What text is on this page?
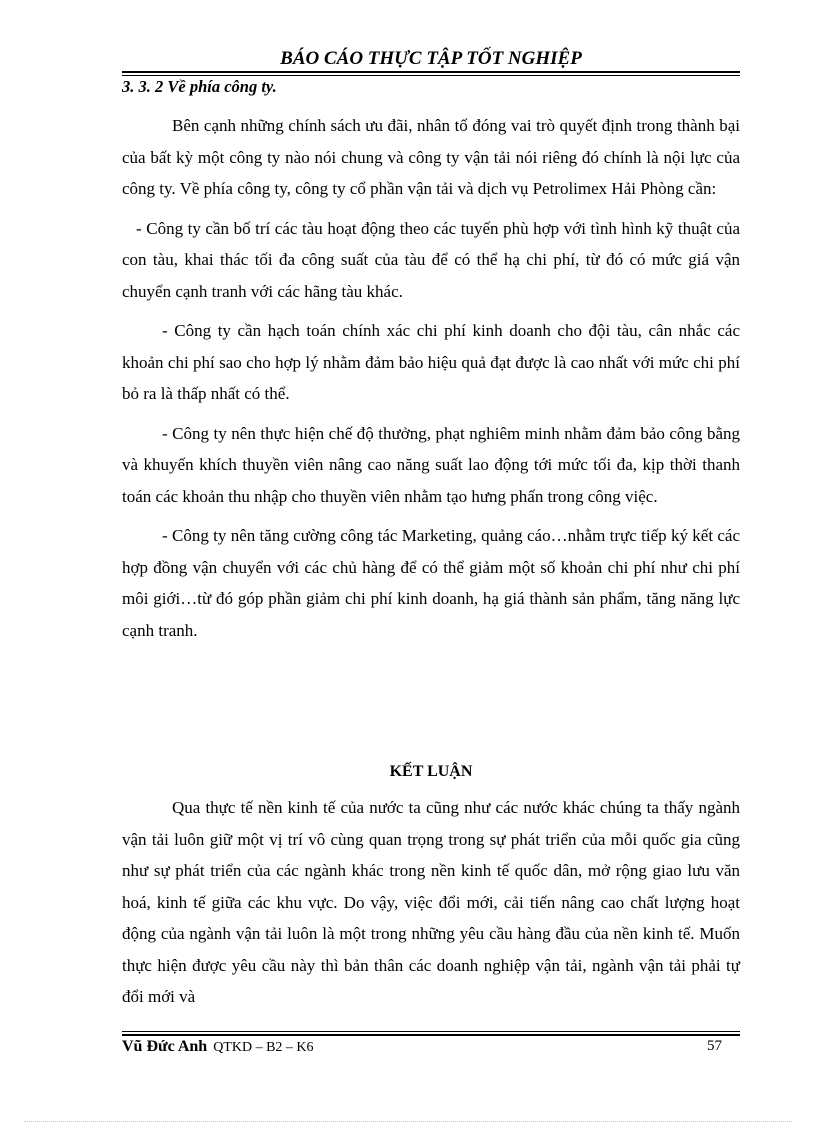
BÁO CÁO THỰC TẬP TỐT NGHIỆP
3. 3. 2 Về phía công ty.

Bên cạnh những chính sách ưu đãi, nhân tố đóng vai trò quyết định trong thành bại của bất kỳ một công ty nào nói chung và công ty vận tải nói riêng đó chính là nội lực của công ty. Về phía công ty, công ty cổ phần vận tải và dịch vụ Petrolimex Hải Phòng cần:

- Công ty cần bố trí các tàu hoạt động theo các tuyến phù hợp với tình hình kỹ thuật của con tàu, khai thác tối đa công suất của tàu để có thể hạ chi phí, từ đó có mức giá vận chuyển cạnh tranh với các hãng tàu khác.

- Công ty cần hạch toán chính xác chi phí kinh doanh cho đội tàu, cân nhắc các khoản chi phí sao cho hợp lý nhằm đảm bảo hiệu quả đạt được là cao nhất với mức chi phí bỏ ra là thấp nhất có thể.

- Công ty nên thực hiện chế độ thưởng, phạt nghiêm minh nhằm đảm bảo công bằng và khuyến khích thuyền viên nâng cao năng suất lao động tới mức tối đa, kịp thời thanh toán các khoản thu nhập cho thuyền viên nhằm tạo hưng phấn trong công việc.

- Công ty nên tăng cường công tác Marketing, quảng cáo…nhằm trực tiếp ký kết các hợp đồng vận chuyển với các chủ hàng để có thể giảm một số khoản chi phí như chi phí môi giới…từ đó góp phần giảm chi phí kinh doanh, hạ giá thành sản phẩm, tăng năng lực cạnh tranh.

KẾT LUẬN

Qua thực tế nền kinh tế của nước ta cũng như các nước khác chúng ta thấy ngành vận tải luôn giữ một vị trí vô cùng quan trọng trong sự phát triển của mỗi quốc gia cũng như sự phát triển của các ngành khác trong nền kinh tế quốc dân, mở rộng giao lưu văn hoá, kinh tế giữa các khu vực. Do vậy, việc đổi mới, cải tiến nâng cao chất lượng hoạt động của ngành vận tải luôn là một trong những yêu cầu hàng đầu của nền kinh tế. Muốn thực hiện được yêu cầu này thì bản thân các doanh nghiệp vận tải, ngành vận tải phải tự đổi mới và

Vũ Đức Anh QTKD – B2 – K6	57
